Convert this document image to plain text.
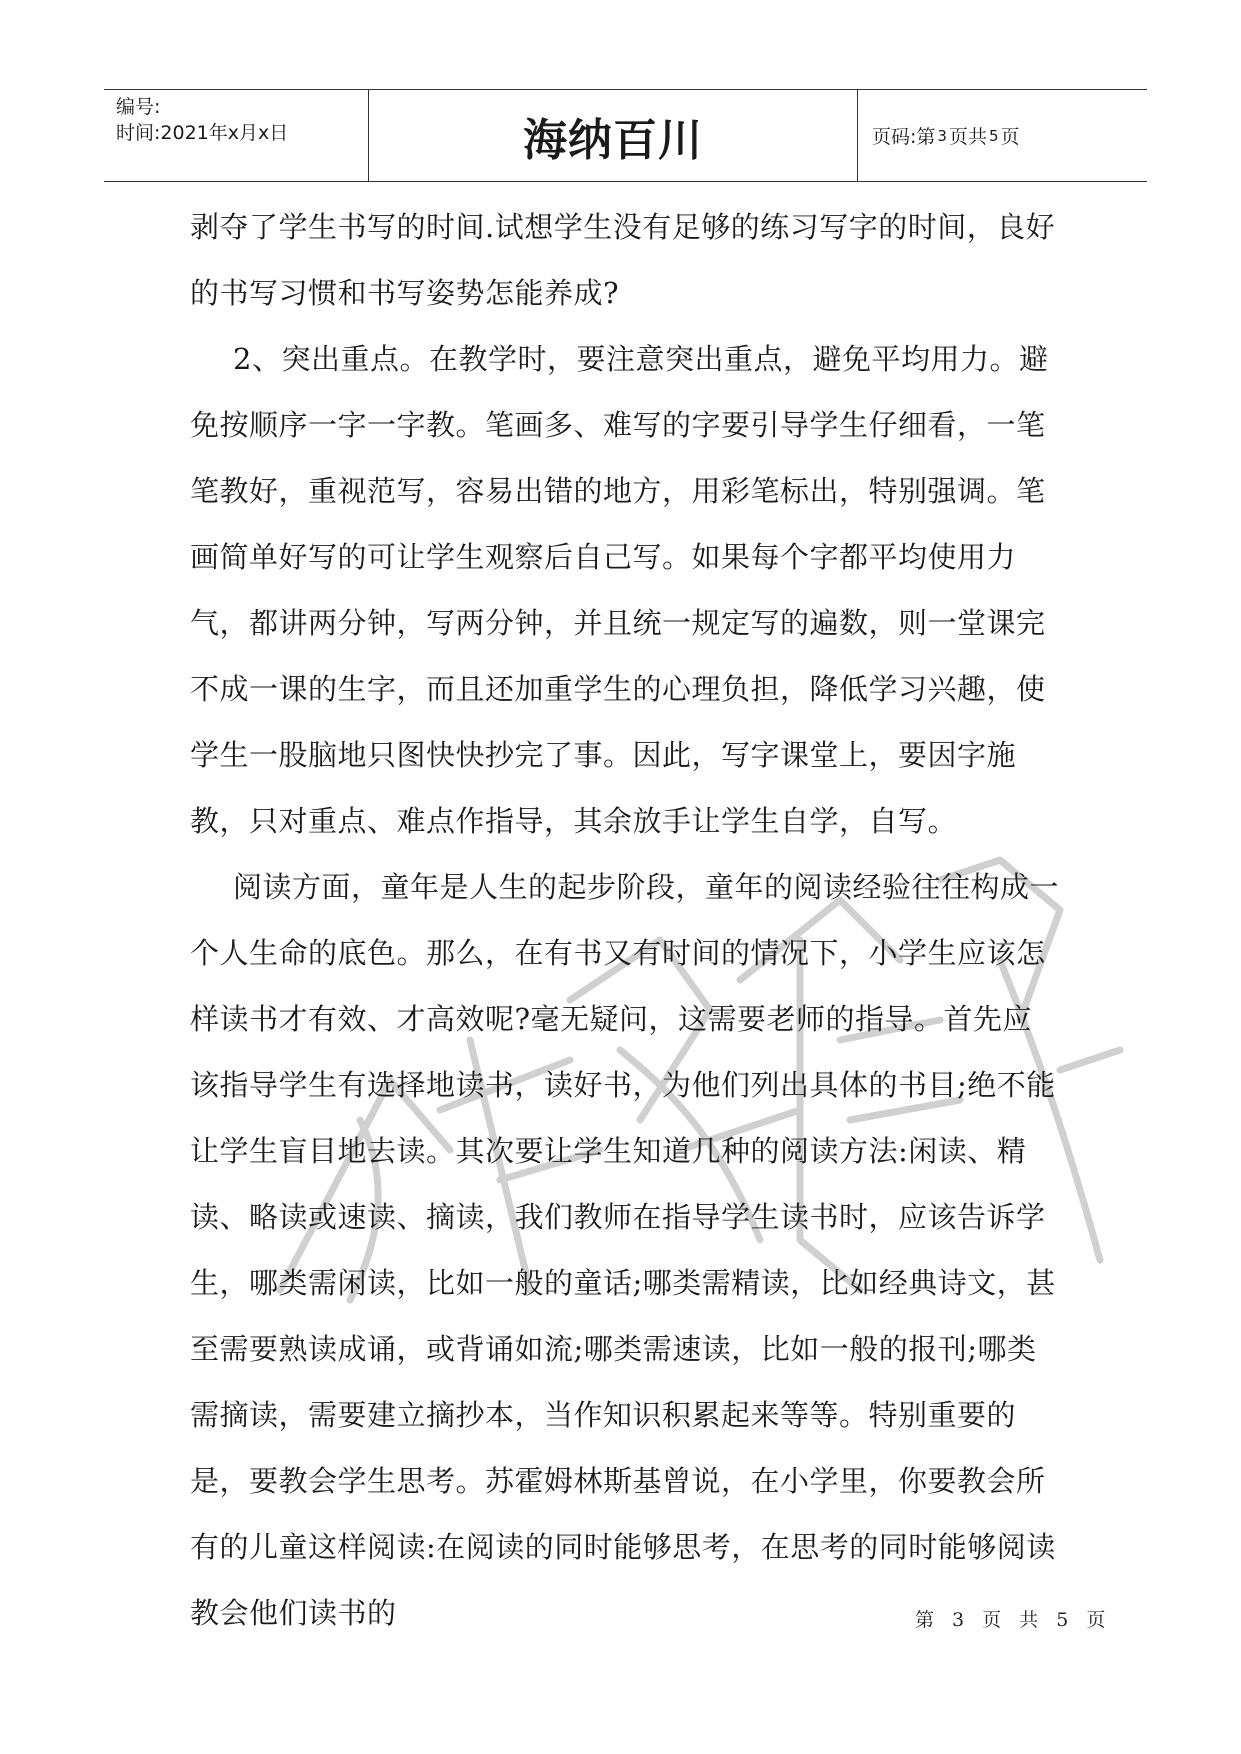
编号:
时间:2021年x月x日	海纳百川	页码:第 3 页共 5 页

剥夺了学生书写的时间.试想学生没有足够的练习写字的时间，良好的书写习惯和书写姿势怎能养成?

2、突出重点。在教学时，要注意突出重点，避免平均用力。避免按顺序一字一字教。笔画多、难写的字要引导学生仔细看，一笔笔教好，重视范写，容易出错的地方，用彩笔标出，特别强调。笔画简单好写的可让学生观察后自己写。如果每个字都平均使用力气，都讲两分钟，写两分钟，并且统一规定写的遍数，则一堂课完不成一课的生字，而且还加重学生的心理负担，降低学习兴趣，使学生一股脑地只图快快抄完了事。因此，写字课堂上，要因字施教，只对重点、难点作指导，其余放手让学生自学，自写。

阅读方面，童年是人生的起步阶段，童年的阅读经验往往构成一个人生命的底色。那么，在有书又有时间的情况下，小学生应该怎样读书才有效、才高效呢?毫无疑问，这需要老师的指导。首先应该指导学生有选择地读书，读好书，为他们列出具体的书目;绝不能让学生盲目地去读。其次要让学生知道几种的阅读方法:闲读、精读、略读或速读、摘读，我们教师在指导学生读书时，应该告诉学生，哪类需闲读，比如一般的童话;哪类需精读，比如经典诗文，甚至需要熟读成诵，或背诵如流;哪类需速读，比如一般的报刊;哪类需摘读，需要建立摘抄本，当作知识积累起来等等。特别重要的是，要教会学生思考。苏霍姆林斯基曾说，在小学里，你要教会所有的儿童这样阅读:在阅读的同时能够思考，在思考的同时能够阅读教会他们读书的	第 3 页 共 5 页
